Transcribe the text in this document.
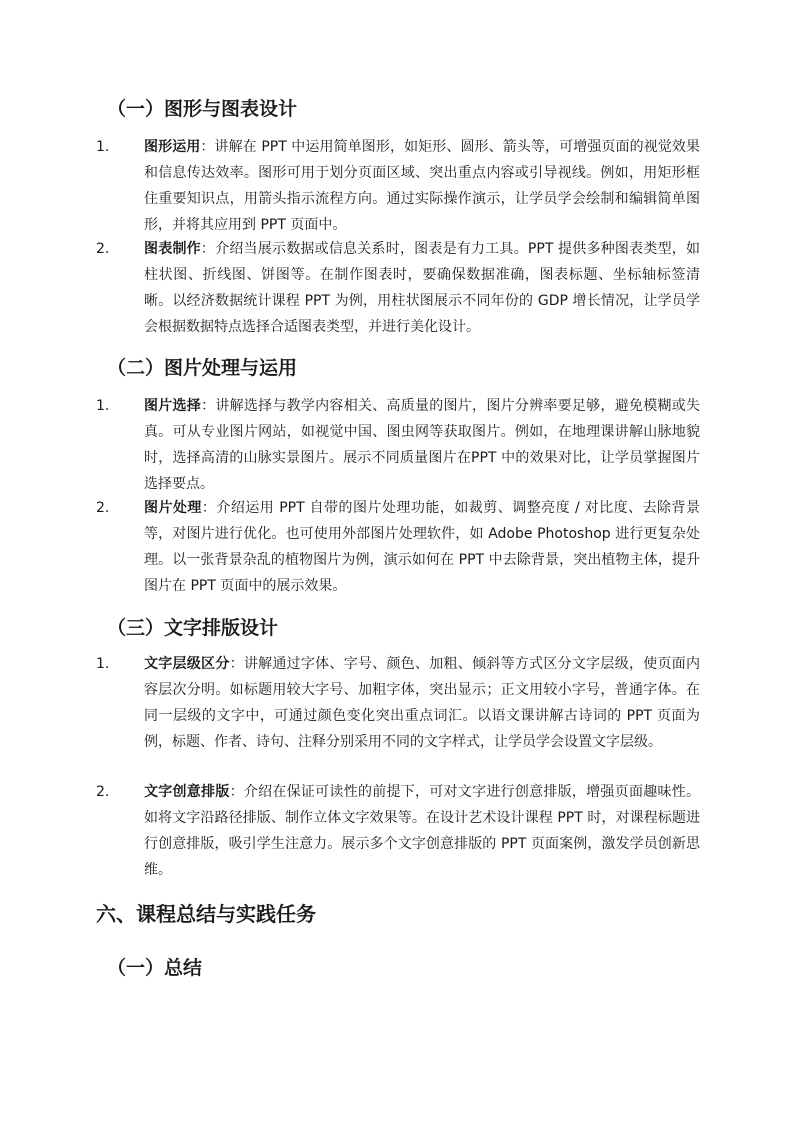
（一）图形与图表设计
1.	图形运用：讲解在 PPT 中运用简单图形，如矩形、圆形、箭头等，可增强页面的视觉效果和信息传达效率。图形可用于划分页面区域、突出重点内容或引导视线。例如，用矩形框住重要知识点，用箭头指示流程方向。通过实际操作演示，让学员学会绘制和编辑简单图形，并将其应用到 PPT 页面中。
2.	图表制作：介绍当展示数据或信息关系时，图表是有力工具。PPT 提供多种图表类型，如柱状图、折线图、饼图等。在制作图表时，要确保数据准确，图表标题、坐标轴标签清晰。以经济数据统计课程 PPT 为例，用柱状图展示不同年份的 GDP 增长情况，让学员学会根据数据特点选择合适图表类型，并进行美化设计。
（二）图片处理与运用
1.	图片选择：讲解选择与教学内容相关、高质量的图片，图片分辨率要足够，避免模糊或失真。可从专业图片网站，如视觉中国、图虫网等获取图片。例如，在地理课讲解山脉地貌时，选择高清的山脉实景图片。展示不同质量图片在PPT 中的效果对比，让学员掌握图片选择要点。
2.	图片处理：介绍运用 PPT 自带的图片处理功能，如裁剪、调整亮度 / 对比度、去除背景等，对图片进行优化。也可使用外部图片处理软件，如 Adobe Photoshop 进行更复杂处理。以一张背景杂乱的植物图片为例，演示如何在 PPT 中去除背景，突出植物主体，提升图片在 PPT 页面中的展示效果。
（三）文字排版设计
1.	文字层级区分：讲解通过字体、字号、颜色、加粗、倾斜等方式区分文字层级，使页面内容层次分明。如标题用较大字号、加粗字体，突出显示；正文用较小字号，普通字体。在同一层级的文字中，可通过颜色变化突出重点词汇。以语文课讲解古诗词的 PPT 页面为例，标题、作者、诗句、注释分别采用不同的文字样式，让学员学会设置文字层级。
2.	文字创意排版：介绍在保证可读性的前提下，可对文字进行创意排版，增强页面趣味性。如将文字沿路径排版、制作立体文字效果等。在设计艺术设计课程 PPT 时，对课程标题进行创意排版，吸引学生注意力。展示多个文字创意排版的 PPT 页面案例，激发学员创新思维。
六、课程总结与实践任务
（一）总结
